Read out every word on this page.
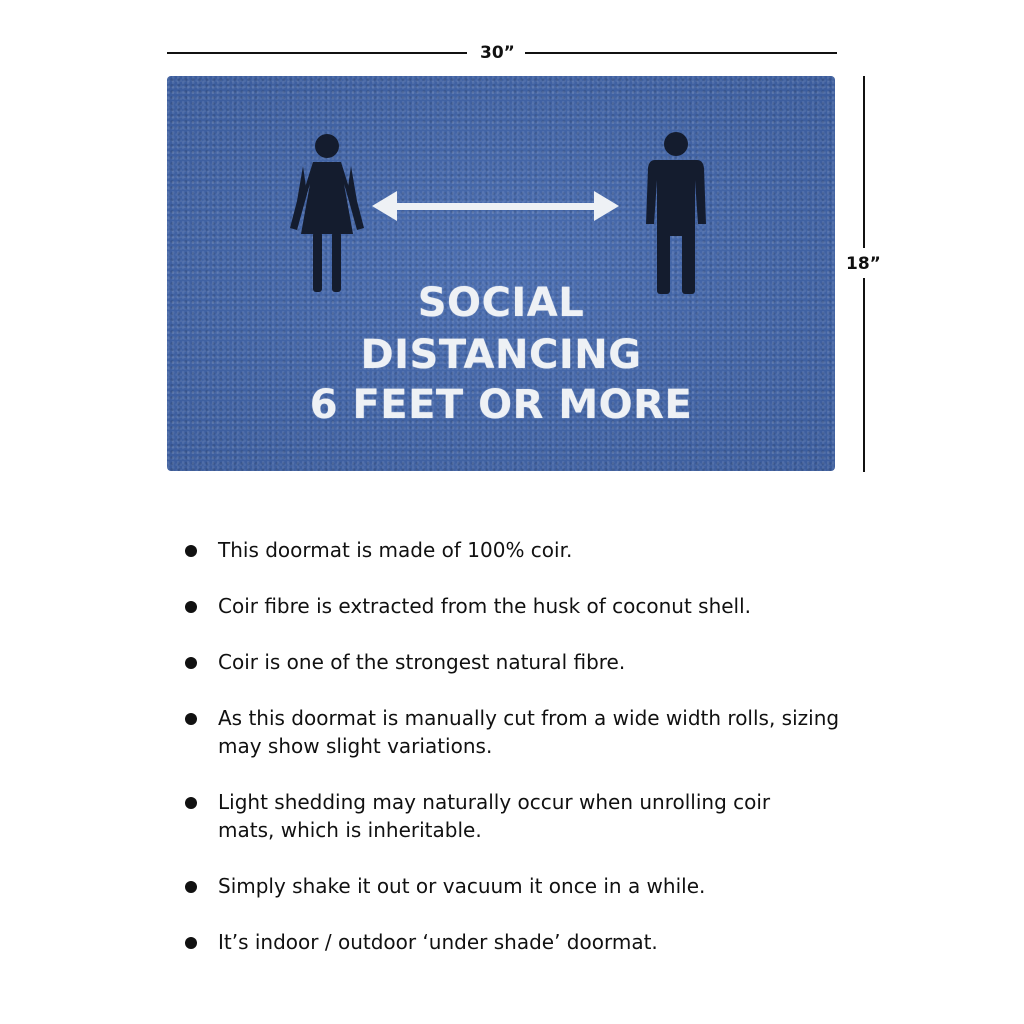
30”
18”
SOCIAL
DISTANCING
6 FEET OR MORE
This doormat is made of 100% coir.
Coir fibre is extracted from the husk of coconut shell.
Coir is one of the strongest natural fibre.
As this doormat is manually cut from a wide width rolls, sizing may show slight variations.
Light shedding may naturally occur when unrolling coir mats, which is inheritable.
Simply shake it out or vacuum it once in a while.
It’s indoor / outdoor ‘under shade’ doormat.
